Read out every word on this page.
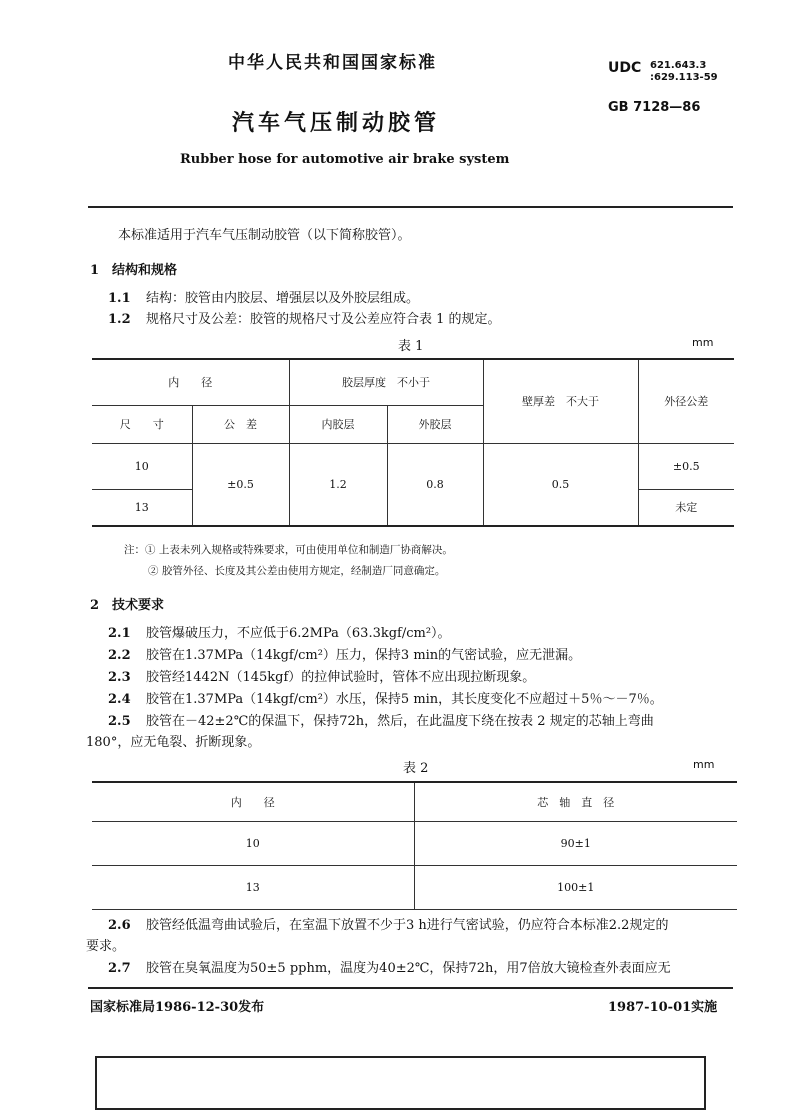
中华人民共和国国家标准	UDC 621.643.3
:629.113-59
GB 7128—86
汽车气压制动胶管
Rubber hose for automotive air brake system
本标准适用于汽车气压制动胶管（以下简称胶管）。
1　结构和规格
1.1 结构：胶管由内胶层、增强层以及外胶层组成。
1.2 规格尺寸及公差：胶管的规格尺寸及公差应符合表 1 的规定。
表 1	mm
内　　径		胶层厚度　不小于		壁厚差　不大于	外径公差
尺　　寸	公　差	内胶层	外胶层		
10	±0.5	1.2	0.8	0.5	±0.5
13					未定
注：① 上表未列入规格或特殊要求，可由使用单位和制造厂协商解决。
② 胶管外径、长度及其公差由使用方规定，经制造厂同意确定。
2　技术要求
2.1 胶管爆破压力，不应低于6.2MPa（63.3kgf/cm²）。
2.2 胶管在1.37MPa（14kgf/cm²）压力，保持3 min的气密试验，应无泄漏。
2.3 胶管经1442N（145kgf）的拉伸试验时，管体不应出现拉断现象。
2.4 胶管在1.37MPa（14kgf/cm²）水压，保持5 min，其长度变化不应超过＋5％～－7％。
2.5 胶管在－42±2℃的保温下，保持72h，然后，在此温度下绕在按表 2 规定的芯轴上弯曲
180°，应无龟裂、折断现象。
表 2	mm
内　　径	芯　轴　直　径
10	90±1
13	100±1
2.6 胶管经低温弯曲试验后，在室温下放置不少于3 h进行气密试验，仍应符合本标准2.2规定的
要求。
2.7 胶管在臭氧温度为50±5 pphm，温度为40±2℃，保持72h，用7倍放大镜检查外表面应无
国家标准局1986-12-30发布	1987-10-01实施
